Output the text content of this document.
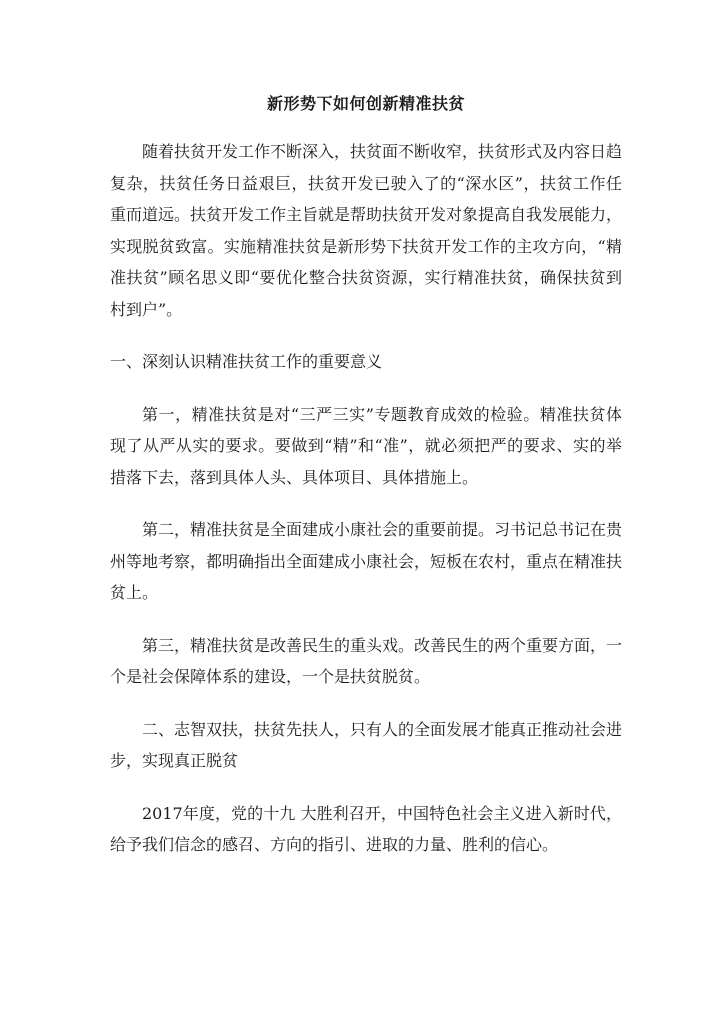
新形势下如何创新精准扶贫

随着扶贫开发工作不断深入，扶贫面不断收窄，扶贫形式及内容日趋复杂，扶贫任务日益艰巨，扶贫开发已驶入了的“深水区”，扶贫工作任重而道远。扶贫开发工作主旨就是帮助扶贫开发对象提高自我发展能力，实现脱贫致富。实施精准扶贫是新形势下扶贫开发工作的主攻方向，“精准扶贫”顾名思义即“要优化整合扶贫资源，实行精准扶贫，确保扶贫到村到户”。

一、深刻认识精准扶贫工作的重要意义

第一，精准扶贫是对“三严三实”专题教育成效的检验。精准扶贫体现了从严从实的要求。要做到“精”和“准”，就必须把严的要求、实的举措落下去，落到具体人头、具体项目、具体措施上。

第二，精准扶贫是全面建成小康社会的重要前提。习书记总书记在贵州等地考察，都明确指出全面建成小康社会，短板在农村，重点在精准扶贫上。

第三，精准扶贫是改善民生的重头戏。改善民生的两个重要方面，一个是社会保障体系的建设，一个是扶贫脱贫。

二、志智双扶，扶贫先扶人，只有人的全面发展才能真正推动社会进步，实现真正脱贫

2017年度，党的十九 大胜利召开，中国特色社会主义进入新时代，给予我们信念的感召、方向的指引、进取的力量、胜利的信心。
